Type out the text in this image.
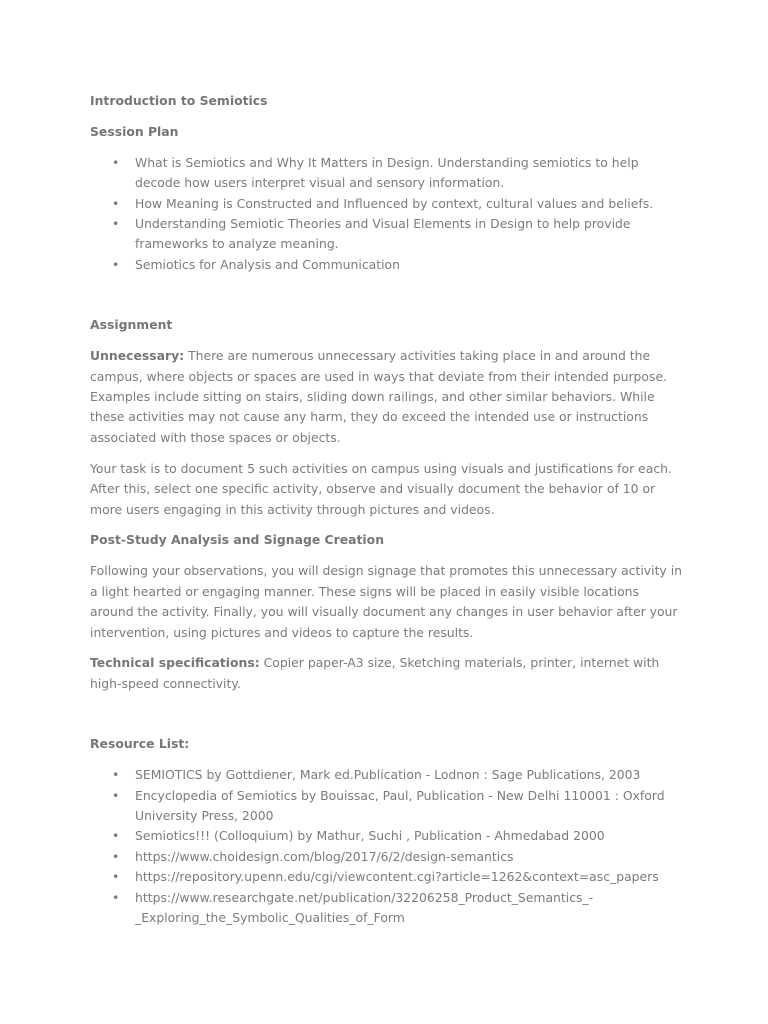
Introduction to Semiotics

Session Plan

• What is Semiotics and Why It Matters in Design. Understanding semiotics to help decode how users interpret visual and sensory information.
• How Meaning is Constructed and Influenced by context, cultural values and beliefs.
• Understanding Semiotic Theories and Visual Elements in Design to help provide frameworks to analyze meaning.
• Semiotics for Analysis and Communication

Assignment

Unnecessary: There are numerous unnecessary activities taking place in and around the campus, where objects or spaces are used in ways that deviate from their intended purpose. Examples include sitting on stairs, sliding down railings, and other similar behaviors. While these activities may not cause any harm, they do exceed the intended use or instructions associated with those spaces or objects.

Your task is to document 5 such activities on campus using visuals and justifications for each. After this, select one specific activity, observe and visually document the behavior of 10 or more users engaging in this activity through pictures and videos.

Post-Study Analysis and Signage Creation

Following your observations, you will design signage that promotes this unnecessary activity in a light hearted or engaging manner. These signs will be placed in easily visible locations around the activity. Finally, you will visually document any changes in user behavior after your intervention, using pictures and videos to capture the results.

Technical specifications: Copier paper-A3 size, Sketching materials, printer, internet with high-speed connectivity.

Resource List:

• SEMIOTICS by Gottdiener, Mark ed.Publication - Lodnon : Sage Publications, 2003
• Encyclopedia of Semiotics by Bouissac, Paul, Publication - New Delhi 110001 : Oxford University Press, 2000
• Semiotics!!! (Colloquium) by Mathur, Suchi , Publication - Ahmedabad 2000
• https://www.choidesign.com/blog/2017/6/2/design-semantics
• https://repository.upenn.edu/cgi/viewcontent.cgi?article=1262&context=asc_papers
• https://www.researchgate.net/publication/32206258_Product_Semantics_-_Exploring_the_Symbolic_Qualities_of_Form
